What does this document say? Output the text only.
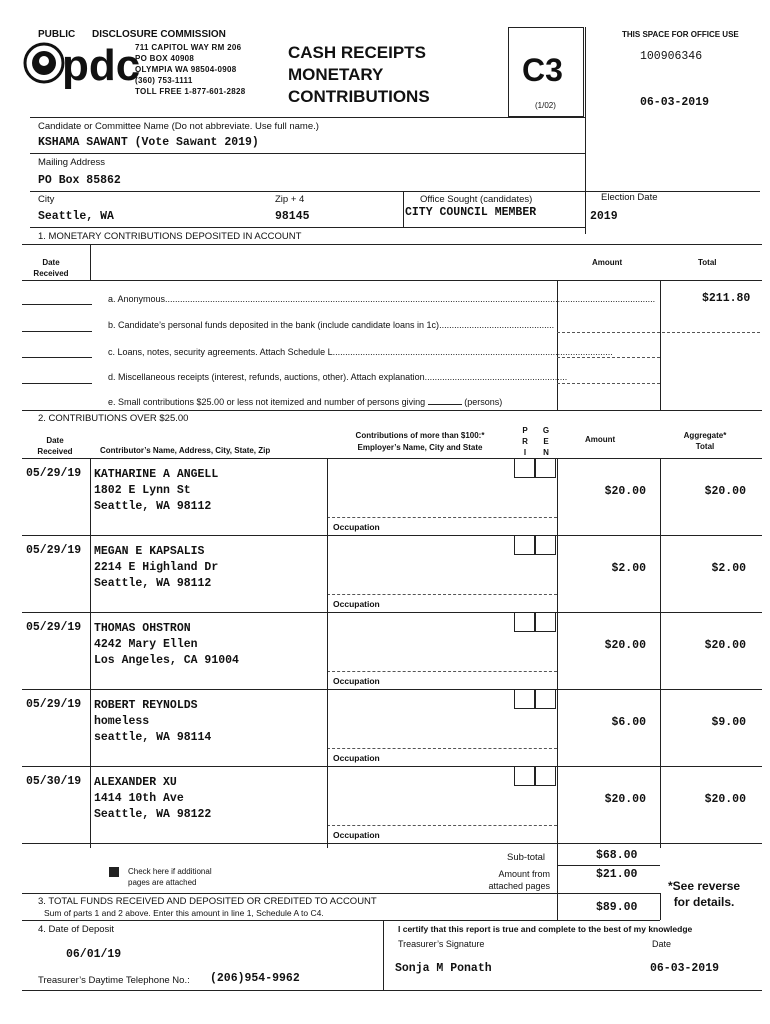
PUBLIC DISCLOSURE COMMISSION
pdc
711 CAPITOL WAY RM 206
PO BOX 40908
OLYMPIA WA 98504-0908
(360) 753-1111
TOLL FREE 1-877-601-2828
CASH RECEIPTS
MONETARY
CONTRIBUTIONS
C3
(1/02)
THIS SPACE FOR OFFICE USE
100906346
06-03-2019
Candidate or Committee Name (Do not abbreviate. Use full name.)
KSHAMA SAWANT (Vote Sawant 2019)
Mailing Address
PO Box 85862
City
Seattle, WA
Zip + 4
98145
Office Sought (candidates)
CITY COUNCIL MEMBER
Election Date
2019
1. MONETARY CONTRIBUTIONS DEPOSITED IN ACCOUNT
Date
Received
Amount	Total
a. Anonymous....................................................................................................................................................................................................	$211.80
b. Candidate’s personal funds deposited in the bank (include candidate loans in 1c)..............................................
c. Loans, notes, security agreements. Attach Schedule L................................................................................................................
d. Miscellaneous receipts (interest, refunds, auctions, other). Attach explanation.........................................................
e. Small contributions $25.00 or less not itemized and number of persons giving	(persons)
2. CONTRIBUTIONS OVER $25.00
Date
Received	Contributor’s Name, Address, City, State, Zip
Contributions of more than $100:*
Employer’s Name, City and State
P
R
I
G
E
N
Amount	Aggregate*
Total
05/29/19 KATHARINE A ANGELL
1802 E Lynn St
Seattle, WA 98112
$20.00	$20.00
Occupation
05/29/19 MEGAN E KAPSALIS
2214 E Highland Dr
Seattle, WA 98112
$2.00	$2.00
Occupation
05/29/19 THOMAS OHSTRON
4242 Mary Ellen
Los Angeles, CA 91004
$20.00	$20.00
Occupation
05/29/19 ROBERT REYNOLDS
homeless
seattle, WA 98114
$6.00	$9.00
Occupation
05/30/19 ALEXANDER XU
1414 10th Ave
Seattle, WA 98122
$20.00	$20.00
Occupation
Check here if additional
pages are attached
Sub-total	$68.00
Amount from
attached pages
$21.00
*See reverse
for details.
3. TOTAL FUNDS RECEIVED AND DEPOSITED OR CREDITED TO ACCOUNT
Sum of parts 1 and 2 above. Enter this amount in line 1, Schedule A to C4.	$89.00
4. Date of Deposit
06/01/19
I certify that this report is true and complete to the best of my knowledge
Treasurer’s Signature	Date
Sonja M Ponath	06-03-2019
Treasurer’s Daytime Telephone No.: (206)954-9962
